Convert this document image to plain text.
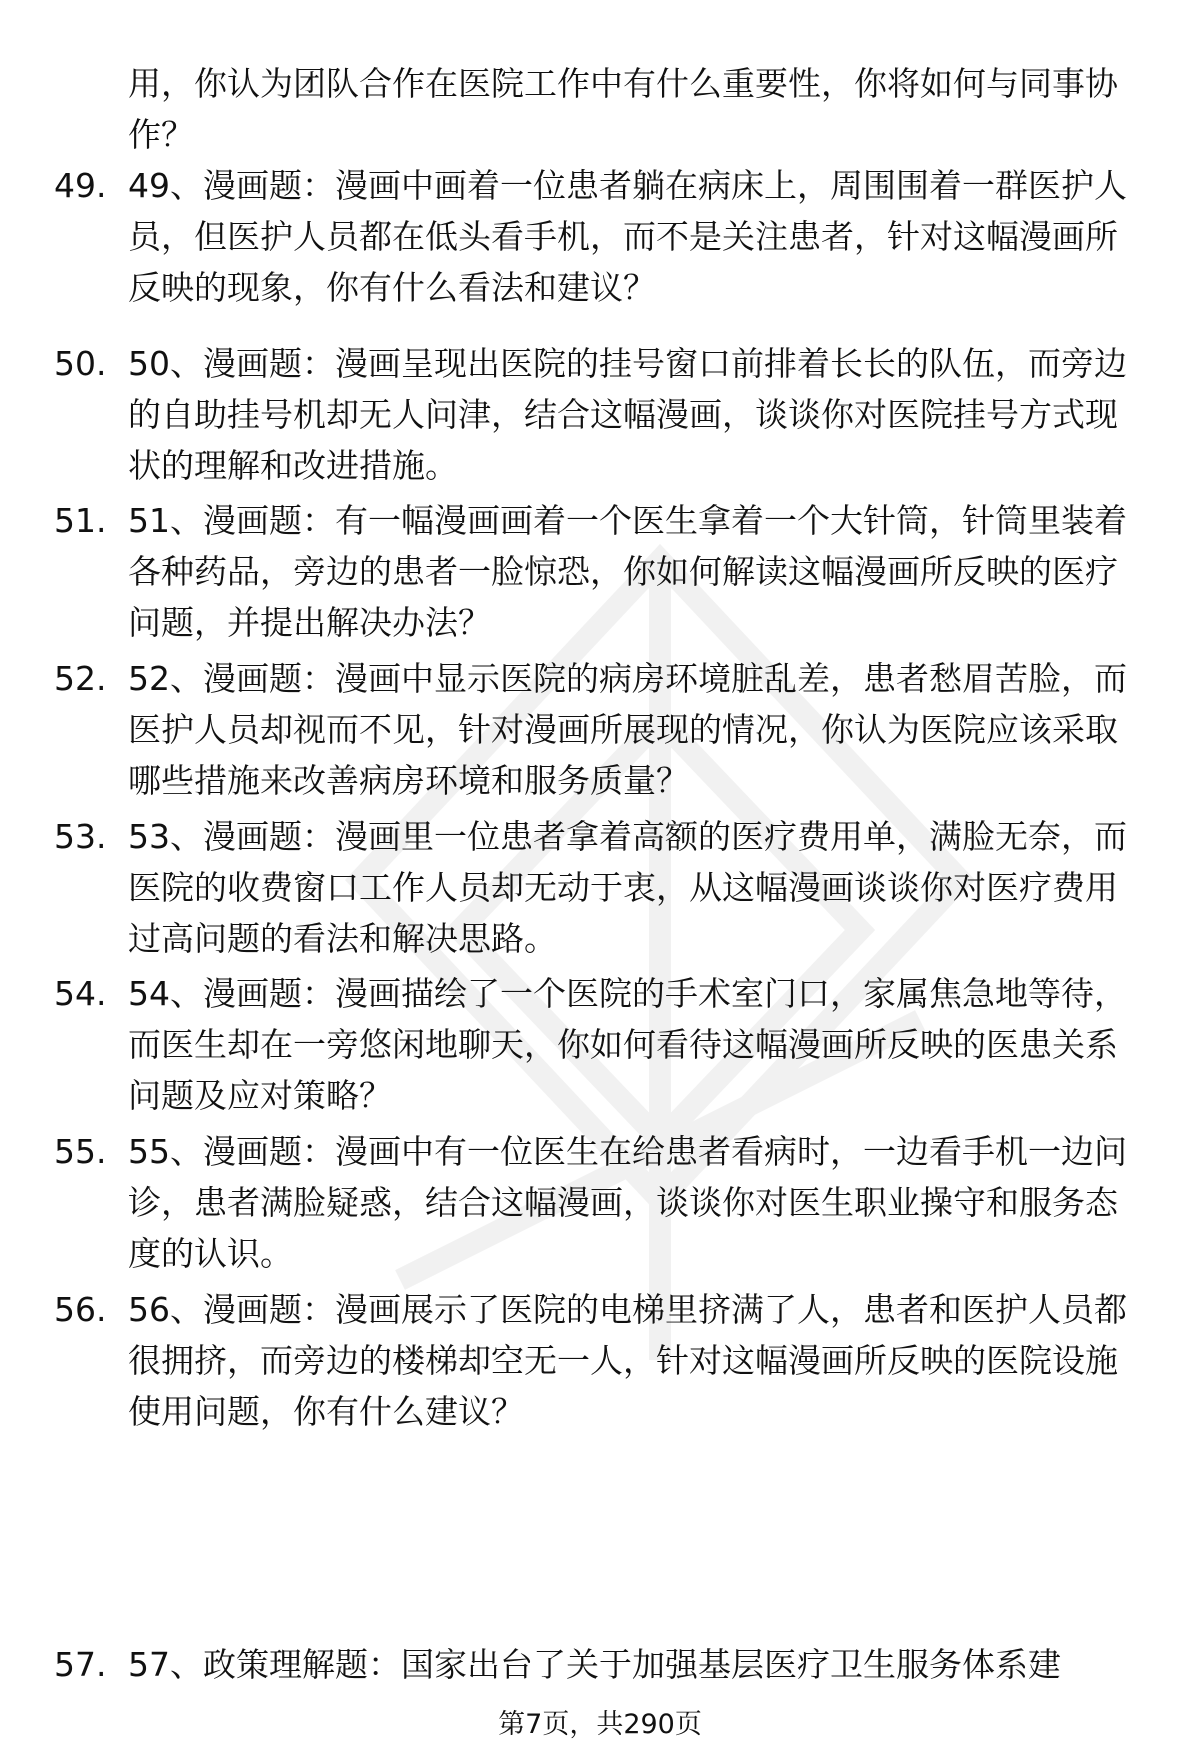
用，你认为团队合作在医院工作中有什么重要性，你将如何与同事协作？

49. 49、漫画题：漫画中画着一位患者躺在病床上，周围围着一群医护人员，但医护人员都在低头看手机，而不是关注患者，针对这幅漫画所反映的现象，你有什么看法和建议？

50. 50、漫画题：漫画呈现出医院的挂号窗口前排着长长的队伍，而旁边的自助挂号机却无人问津，结合这幅漫画，谈谈你对医院挂号方式现状的理解和改进措施。

51. 51、漫画题：有一幅漫画画着一个医生拿着一个大针筒，针筒里装着各种药品，旁边的患者一脸惊恐，你如何解读这幅漫画所反映的医疗问题，并提出解决办法？

52. 52、漫画题：漫画中显示医院的病房环境脏乱差，患者愁眉苦脸，而医护人员却视而不见，针对漫画所展现的情况，你认为医院应该采取哪些措施来改善病房环境和服务质量？

53. 53、漫画题：漫画里一位患者拿着高额的医疗费用单，满脸无奈，而医院的收费窗口工作人员却无动于衷，从这幅漫画谈谈你对医疗费用过高问题的看法和解决思路。

54. 54、漫画题：漫画描绘了一个医院的手术室门口，家属焦急地等待，而医生却在一旁悠闲地聊天，你如何看待这幅漫画所反映的医患关系问题及应对策略？

55. 55、漫画题：漫画中有一位医生在给患者看病时，一边看手机一边问诊，患者满脸疑惑，结合这幅漫画，谈谈你对医生职业操守和服务态度的认识。

56. 56、漫画题：漫画展示了医院的电梯里挤满了人，患者和医护人员都很拥挤，而旁边的楼梯却空无一人，针对这幅漫画所反映的医院设施使用问题，你有什么建议？

57. 57、政策理解题：国家出台了关于加强基层医疗卫生服务体系建

第7页，共290页
